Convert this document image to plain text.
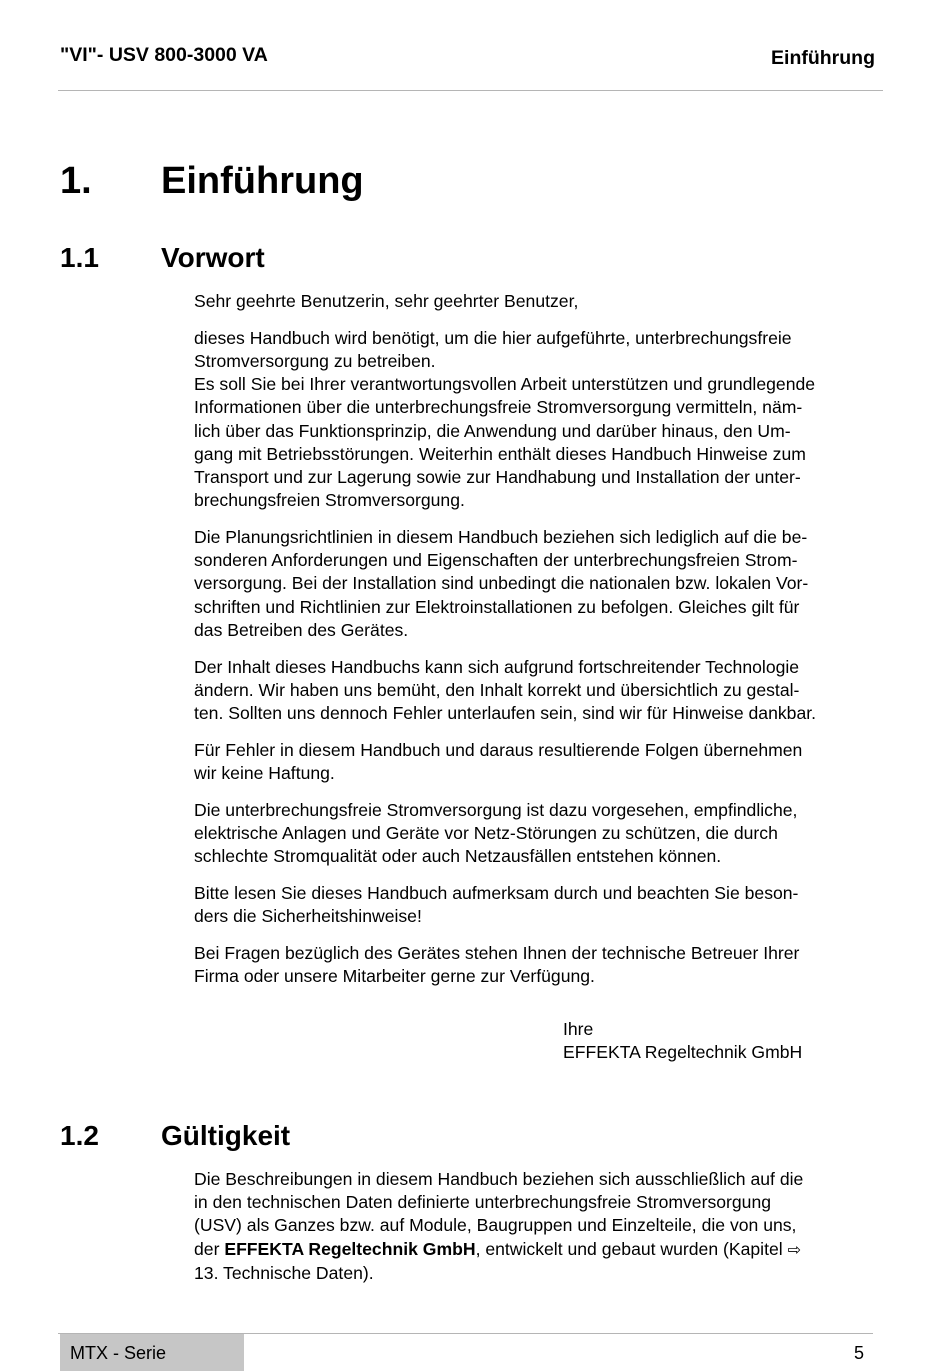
"VI"- USV 800-3000 VA	Einführung
1. Einführung
1.1 Vorwort

Sehr geehrte Benutzerin, sehr geehrter Benutzer,

dieses Handbuch wird benötigt, um die hier aufgeführte, unterbrechungsfreie
Stromversorgung zu betreiben.
Es soll Sie bei Ihrer verantwortungsvollen Arbeit unterstützen und grundlegende
Informationen über die unterbrechungsfreie Stromversorgung vermitteln, näm-
lich über das Funktionsprinzip, die Anwendung und darüber hinaus, den Um-
gang mit Betriebsstörungen. Weiterhin enthält dieses Handbuch Hinweise zum
Transport und zur Lagerung sowie zur Handhabung und Installation der unter-
brechungsfreien Stromversorgung.

Die Planungsrichtlinien in diesem Handbuch beziehen sich lediglich auf die be-
sonderen Anforderungen und Eigenschaften der unterbrechungsfreien Strom-
versorgung. Bei der Installation sind unbedingt die nationalen bzw. lokalen Vor-
schriften und Richtlinien zur Elektroinstallationen zu befolgen. Gleiches gilt für
das Betreiben des Gerätes.

Der Inhalt dieses Handbuchs kann sich aufgrund fortschreitender Technologie
ändern. Wir haben uns bemüht, den Inhalt korrekt und übersichtlich zu gestal-
ten. Sollten uns dennoch Fehler unterlaufen sein, sind wir für Hinweise dankbar.

Für Fehler in diesem Handbuch und daraus resultierende Folgen übernehmen
wir keine Haftung.

Die unterbrechungsfreie Stromversorgung ist dazu vorgesehen, empfindliche,
elektrische Anlagen und Geräte vor Netz-Störungen zu schützen, die durch
schlechte Stromqualität oder auch Netzausfällen entstehen können.

Bitte lesen Sie dieses Handbuch aufmerksam durch und beachten Sie beson-
ders die Sicherheitshinweise!

Bei Fragen bezüglich des Gerätes stehen Ihnen der technische Betreuer Ihrer
Firma oder unsere Mitarbeiter gerne zur Verfügung.

Ihre
EFFEKTA Regeltechnik GmbH
1.2 Gültigkeit

Die Beschreibungen in diesem Handbuch beziehen sich ausschließlich auf die
in den technischen Daten definierte unterbrechungsfreie Stromversorgung
(USV) als Ganzes bzw. auf Module, Baugruppen und Einzelteile, die von uns,
der EFFEKTA Regeltechnik GmbH, entwickelt und gebaut wurden (Kapitel ⇨
13. Technische Daten).

MTX - Serie	5
